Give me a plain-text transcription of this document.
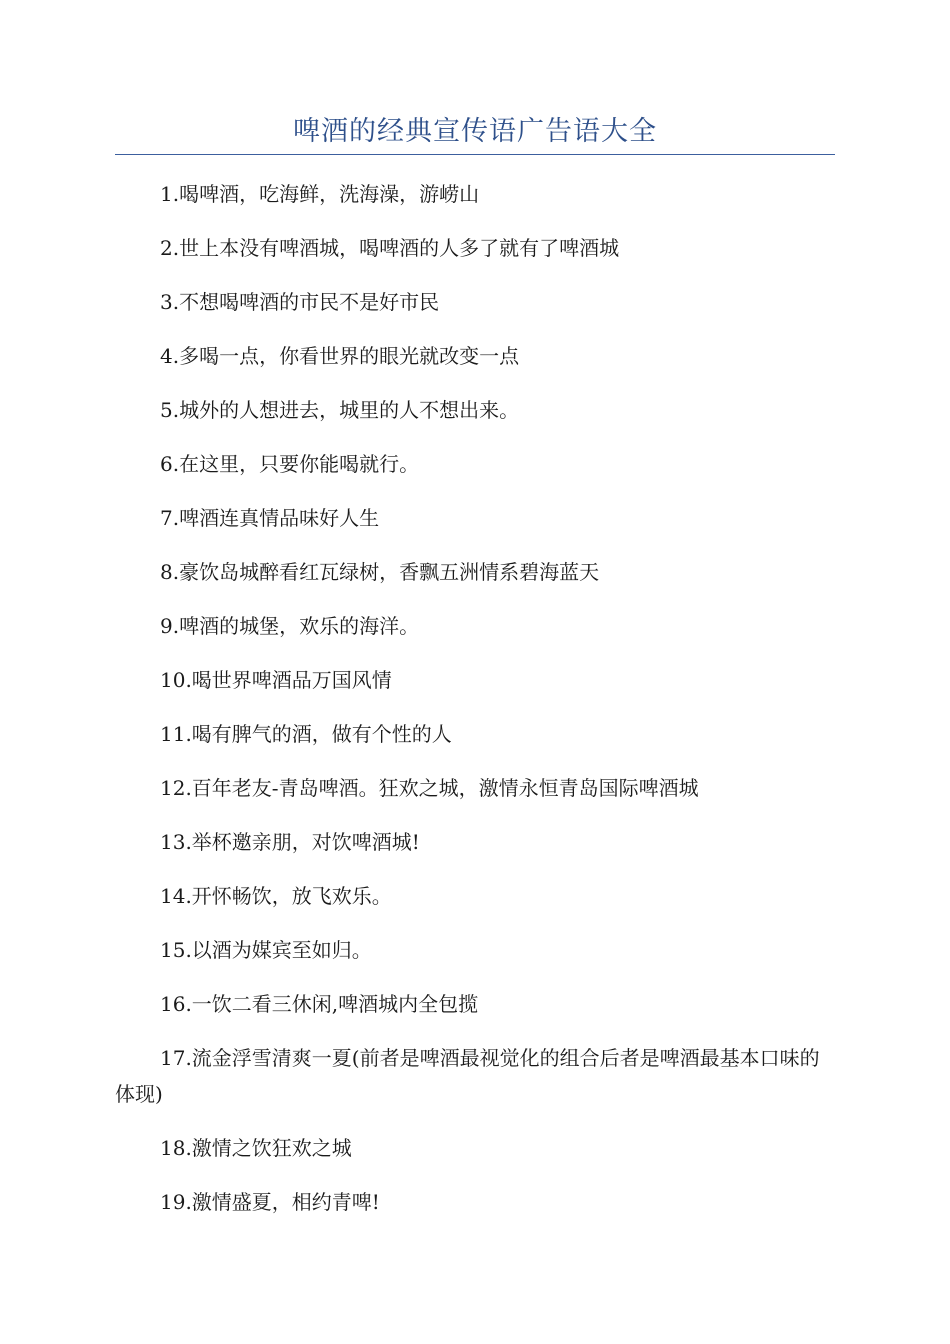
啤酒的经典宣传语广告语大全
1.喝啤酒，吃海鲜，洗海澡，游崂山
2.世上本没有啤酒城，喝啤酒的人多了就有了啤酒城
3.不想喝啤酒的市民不是好市民
4.多喝一点，你看世界的眼光就改变一点
5.城外的人想进去，城里的人不想出来。
6.在这里，只要你能喝就行。
7.啤酒连真情品味好人生
8.豪饮岛城醉看红瓦绿树，香飘五洲情系碧海蓝天
9.啤酒的城堡，欢乐的海洋。
10.喝世界啤酒品万国风情
11.喝有脾气的酒，做有个性的人
12.百年老友-青岛啤酒。狂欢之城，激情永恒青岛国际啤酒城
13.举杯邀亲朋，对饮啤酒城!
14.开怀畅饮，放飞欢乐。
15.以酒为媒宾至如归。
16.一饮二看三休闲,啤酒城内全包揽
17.流金浮雪清爽一夏(前者是啤酒最视觉化的组合后者是啤酒最基本口味的体现)
18.激情之饮狂欢之城
19.激情盛夏，相约青啤!
